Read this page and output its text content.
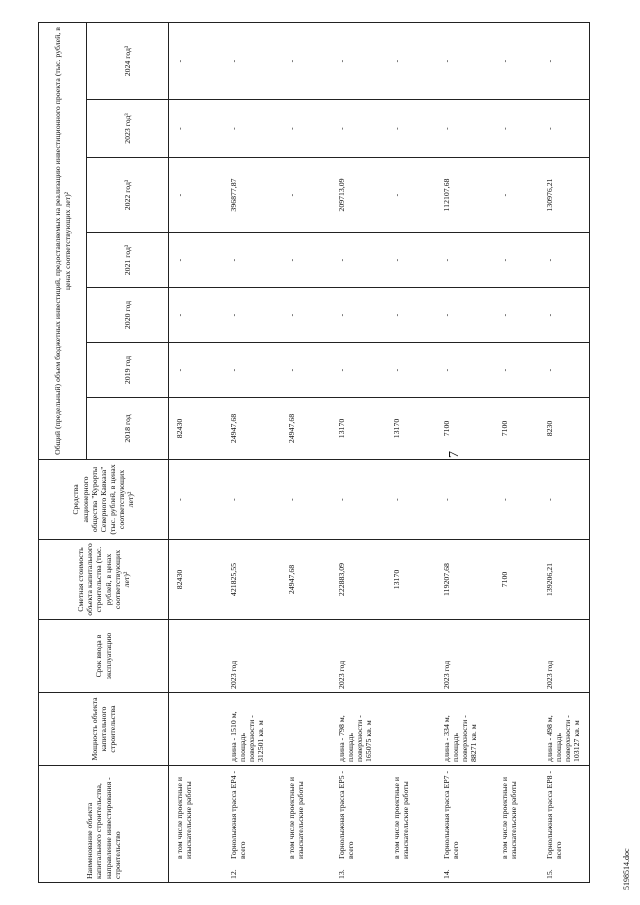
7
Наименование объекта капитального строительства, направление инвестирования - строительство	Мощность объекта капитального строительства	Срок ввода в эксплуатацию	Сметная стоимость объекта капитального строительства (тыс. рублей, в ценах соответствующих лет)²	Средства акционерного общества "Курорты Северного Кавказа" (тыс. рублей, в ценах соответствующих лет)²	Общий (предельный) объем бюджетных инвестиций, предоставляемых на реализацию инвестиционного проекта (тыс. рублей, в ценах соответствующих лет)²						
					2018 год	2019 год	2020 год	2021 год³	2022 год³	2023 год³	2024 год³

в том числе проектные и изыскательские работы			82430	-	82430	-	-	-	-	-	-

12.
Горнолыжная трасса ЕР4 - всего	длина - 1510 м, площадь поверхности - 312501 кв. м	2023 год	421825,55	-	24947,68	-	-	-	396877,87	-	-

в том числе проектные и изыскательские работы			24947,68	-	24947,68	-	-	-	-	-	-

13.
Горнолыжная трасса ЕР5 - всего	длина - 798 м, площадь поверхности - 165075 кв. м	2023 год	222883,09	-	13170	-	-	-	209713,09	-	-

в том числе проектные и изыскательские работы			13170	-	13170	-	-	-	-	-	-

14.
Горнолыжная трасса ЕР7 - всего	длина - 334 м, площадь поверхности - 88271 кв. м	2023 год	119207,68	-	7100	-	-	-	112107,68	-	-

в том числе проектные и изыскательские работы			7100	-	7100	-	-	-	-	-	-

15.
Горнолыжная трасса ЕР8 - всего	длина - 498 м, площадь поверхности - 103127 кв. м	2023 год	139206,21	-	8230	-	-	-	130976,21	-	-
5198514.doc
